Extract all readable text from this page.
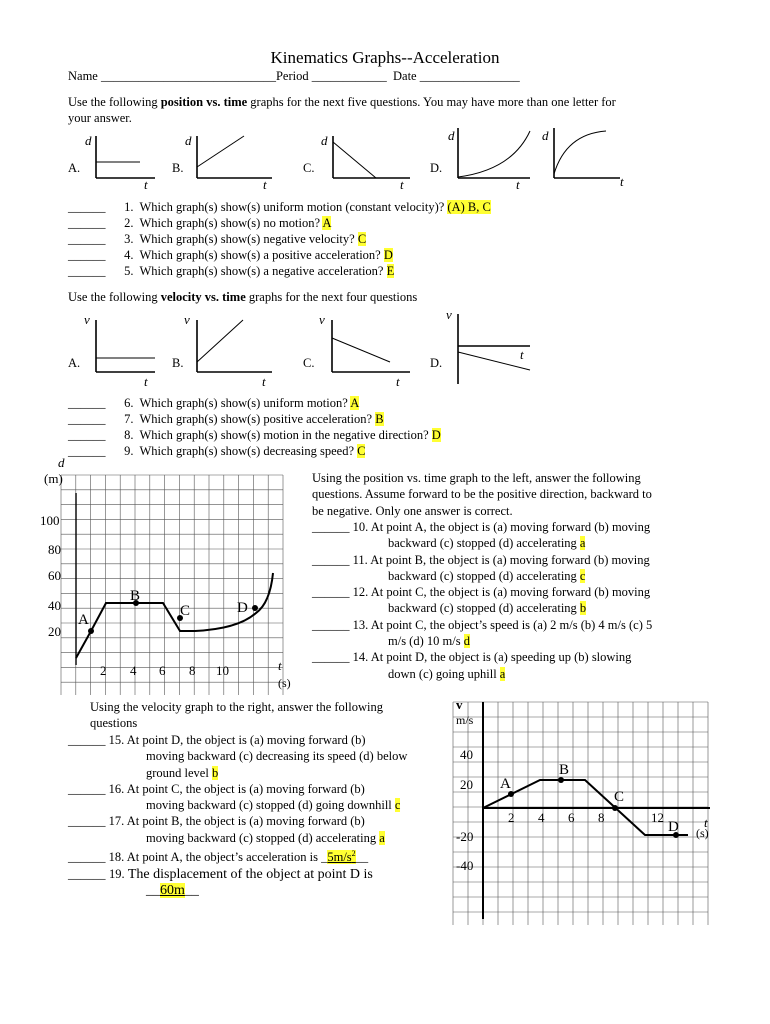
Kinematics Graphs--Acceleration
Name ____________________________Period ____________ Date ________________
Use the following position vs. time graphs for the next five questions. You may have more than one letter for
your answer.
A.
d
t
B.
d
t
C.
d
t
D.
d
t
d
t
______ 1. Which graph(s) show(s) uniform motion (constant velocity)? (A) B, C
______ 2. Which graph(s) show(s) no motion? A
______ 3. Which graph(s) show(s) negative velocity? C
______ 4. Which graph(s) show(s) a positive acceleration? D
______ 5. Which graph(s) show(s) a negative acceleration? E
Use the following velocity vs. time graphs for the next four questions
A.
v
t
B.
v
t
C.
v
t
D.
v
t
______ 6. Which graph(s) show(s) uniform motion? A
______ 7. Which graph(s) show(s) positive acceleration? B
______ 8. Which graph(s) show(s) motion in the negative direction? D
______ 9. Which graph(s) show(s) decreasing speed? C
d
(m)
100
80
60
40
20
2 4 6 8 10	t
(s)
A
B
C	D
Using the position vs. time graph to the left, answer the following
questions. Assume forward to be the positive direction, backward to
be negative. Only one answer is correct.
______ 10. At point A, the object is (a) moving forward (b) moving
backward (c) stopped (d) accelerating a
______ 11. At point B, the object is (a) moving forward (b) moving
backward (c) stopped (d) accelerating c
______ 12. At point C, the object is (a) moving forward (b) moving
backward (c) stopped (d) accelerating b
______ 13. At point C, the object’s speed is (a) 2 m/s (b) 4 m/s (c) 5
m/s (d) 10 m/s d
______ 14. At point D, the object is (a) speeding up (b) slowing
down (c) going uphill a
Using the velocity graph to the right, answer the following
questions
______ 15. At point D, the object is (a) moving forward (b)
moving backward (c) decreasing its speed (d) below
ground level b
______ 16. At point C, the object is (a) moving forward (b)
moving backward (c) stopped (d) going downhill c
______ 17. At point B, the object is (a) moving forward (b)
moving backward (c) stopped (d) accelerating a
______ 18. At point A, the object’s acceleration is $\_5m/s^2\_\_$
______ 19. The displacement of the object at point D is
__60m__
v
m/s
40
20
-20
-40
2 4 6 8	12	t
(s)
A
B
C
D
